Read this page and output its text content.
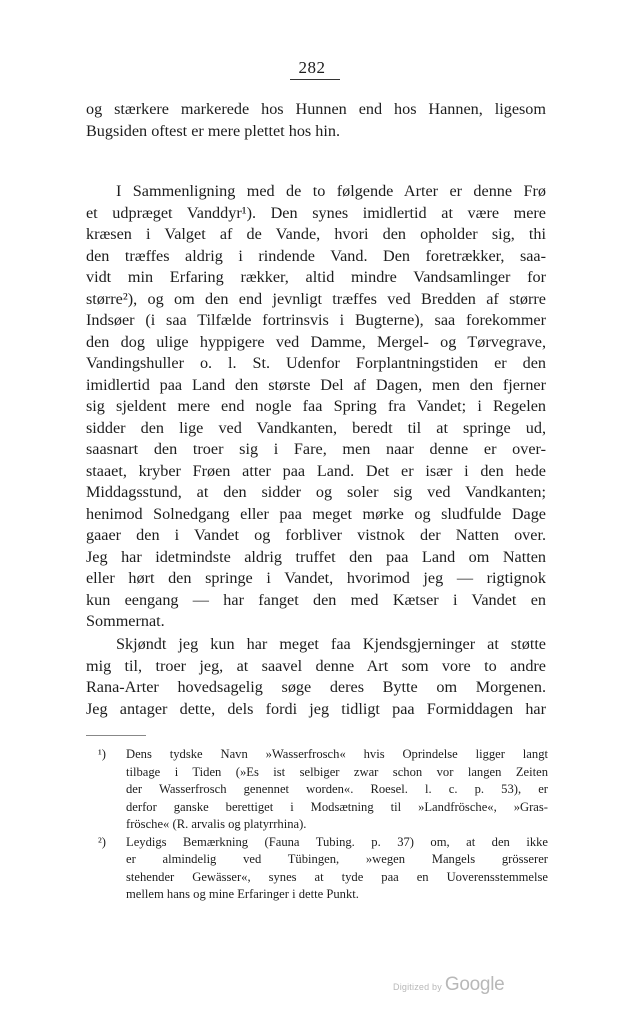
282
og stærkere markerede hos Hunnen end hos Hannen, ligesom
Bugsiden oftest er mere plettet hos hin.
I Sammenligning med de to følgende Arter er denne Frø
et udpræget Vanddyr¹). Den synes imidlertid at være mere
kræsen i Valget af de Vande, hvori den opholder sig, thi
den træffes aldrig i rindende Vand. Den foretrækker, saa-
vidt min Erfaring rækker, altid mindre Vandsamlinger for
større²), og om den end jevnligt træffes ved Bredden af større
Indsøer (i saa Tilfælde fortrinsvis i Bugterne), saa forekommer
den dog ulige hyppigere ved Damme, Mergel- og Tørvegrave,
Vandingshuller o. l. St. Udenfor Forplantningstiden er den
imidlertid paa Land den største Del af Dagen, men den fjerner
sig sjeldent mere end nogle faa Spring fra Vandet; i Regelen
sidder den lige ved Vandkanten, beredt til at springe ud,
saasnart den troer sig i Fare, men naar denne er over-
staaet, kryber Frøen atter paa Land. Det er især i den hede
Middagsstund, at den sidder og soler sig ved Vandkanten;
henimod Solnedgang eller paa meget mørke og sludfulde Dage
gaaer den i Vandet og forbliver vistnok der Natten over.
Jeg har idetmindste aldrig truffet den paa Land om Natten
eller hørt den springe i Vandet, hvorimod jeg — rigtignok
kun eengang — har fanget den med Kætser i Vandet en
Sommernat.
Skjøndt jeg kun har meget faa Kjendsgjerninger at støtte
mig til, troer jeg, at saavel denne Art som vore to andre
Rana-Arter hovedsagelig søge deres Bytte om Morgenen.
Jeg antager dette, dels fordi jeg tidligt paa Formiddagen har
¹) Dens tydske Navn »Wasserfrosch« hvis Oprindelse ligger langt
tilbage i Tiden (»Es ist selbiger zwar schon vor langen Zeiten
der Wasserfrosch genennet worden«. Roesel. l. c. p. 53), er
derfor ganske berettiget i Modsætning til »Landfrösche«, »Gras-
frösche« (R. arvalis og platyrrhina).
²) Leydigs Bemærkning (Fauna Tubing. p. 37) om, at den ikke
er almindelig ved Tübingen, »wegen Mangels grösserer
stehender Gewässer«, synes at tyde paa en Uoverensstemmelse
mellem hans og mine Erfaringer i dette Punkt.
Digitized by Google
